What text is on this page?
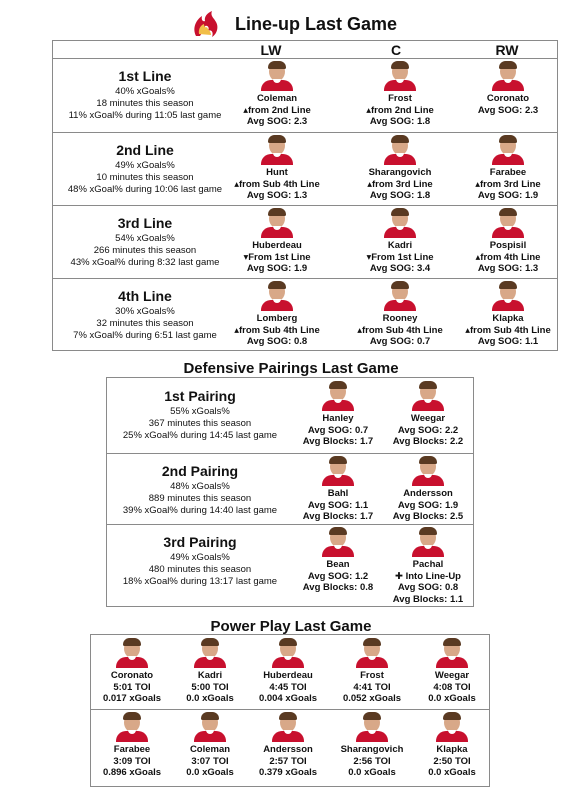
Line-up Last Game
LW	C	RW
1st Line
40% xGoals%
18 minutes this season
11% xGoal% during 11:05 last game
Coleman
▴from 2nd Line
Avg SOG: 2.3
Frost
▴from 2nd Line
Avg SOG: 1.8
Coronato
Avg SOG: 2.3
2nd Line
49% xGoals%
10 minutes this season
48% xGoal% during 10:06 last game
Hunt
▴from Sub 4th Line
Avg SOG: 1.3
Sharangovich
▴from 3rd Line
Avg SOG: 1.8
Farabee
▴from 3rd Line
Avg SOG: 1.9
3rd Line
54% xGoals%
266 minutes this season
43% xGoal% during 8:32 last game
Huberdeau
▾From 1st Line
Avg SOG: 1.9
Kadri
▾From 1st Line
Avg SOG: 3.4
Pospisil
▴from 4th Line
Avg SOG: 1.3
4th Line
30% xGoals%
32 minutes this season
7% xGoal% during 6:51 last game
Lomberg
▴from Sub 4th Line
Avg SOG: 0.8
Rooney
▴from Sub 4th Line
Avg SOG: 0.7
Klapka
▴from Sub 4th Line
Avg SOG: 1.1
Defensive Pairings Last Game
1st Pairing
55% xGoals%
367 minutes this season
25% xGoal% during 14:45 last game
Hanley
Avg SOG: 0.7
Avg Blocks: 1.7
Weegar
Avg SOG: 2.2
Avg Blocks: 2.2
2nd Pairing
48% xGoals%
889 minutes this season
39% xGoal% during 14:40 last game
Bahl
Avg SOG: 1.1
Avg Blocks: 1.7
Andersson
Avg SOG: 1.9
Avg Blocks: 2.5
3rd Pairing
49% xGoals%
480 minutes this season
18% xGoal% during 13:17 last game
Bean
Avg SOG: 1.2
Avg Blocks: 0.8
Pachal
✚ Into Line-Up
Avg SOG: 0.8
Avg Blocks: 1.1
Power Play Last Game
Coronato
5:01 TOI
0.017 xGoals
Kadri
5:00 TOI
0.0 xGoals
Huberdeau
4:45 TOI
0.004 xGoals
Frost
4:41 TOI
0.052 xGoals
Weegar
4:08 TOI
0.0 xGoals
Farabee
3:09 TOI
0.896 xGoals
Coleman
3:07 TOI
0.0 xGoals
Andersson
2:57 TOI
0.379 xGoals
Sharangovich
2:56 TOI
0.0 xGoals
Klapka
2:50 TOI
0.0 xGoals
